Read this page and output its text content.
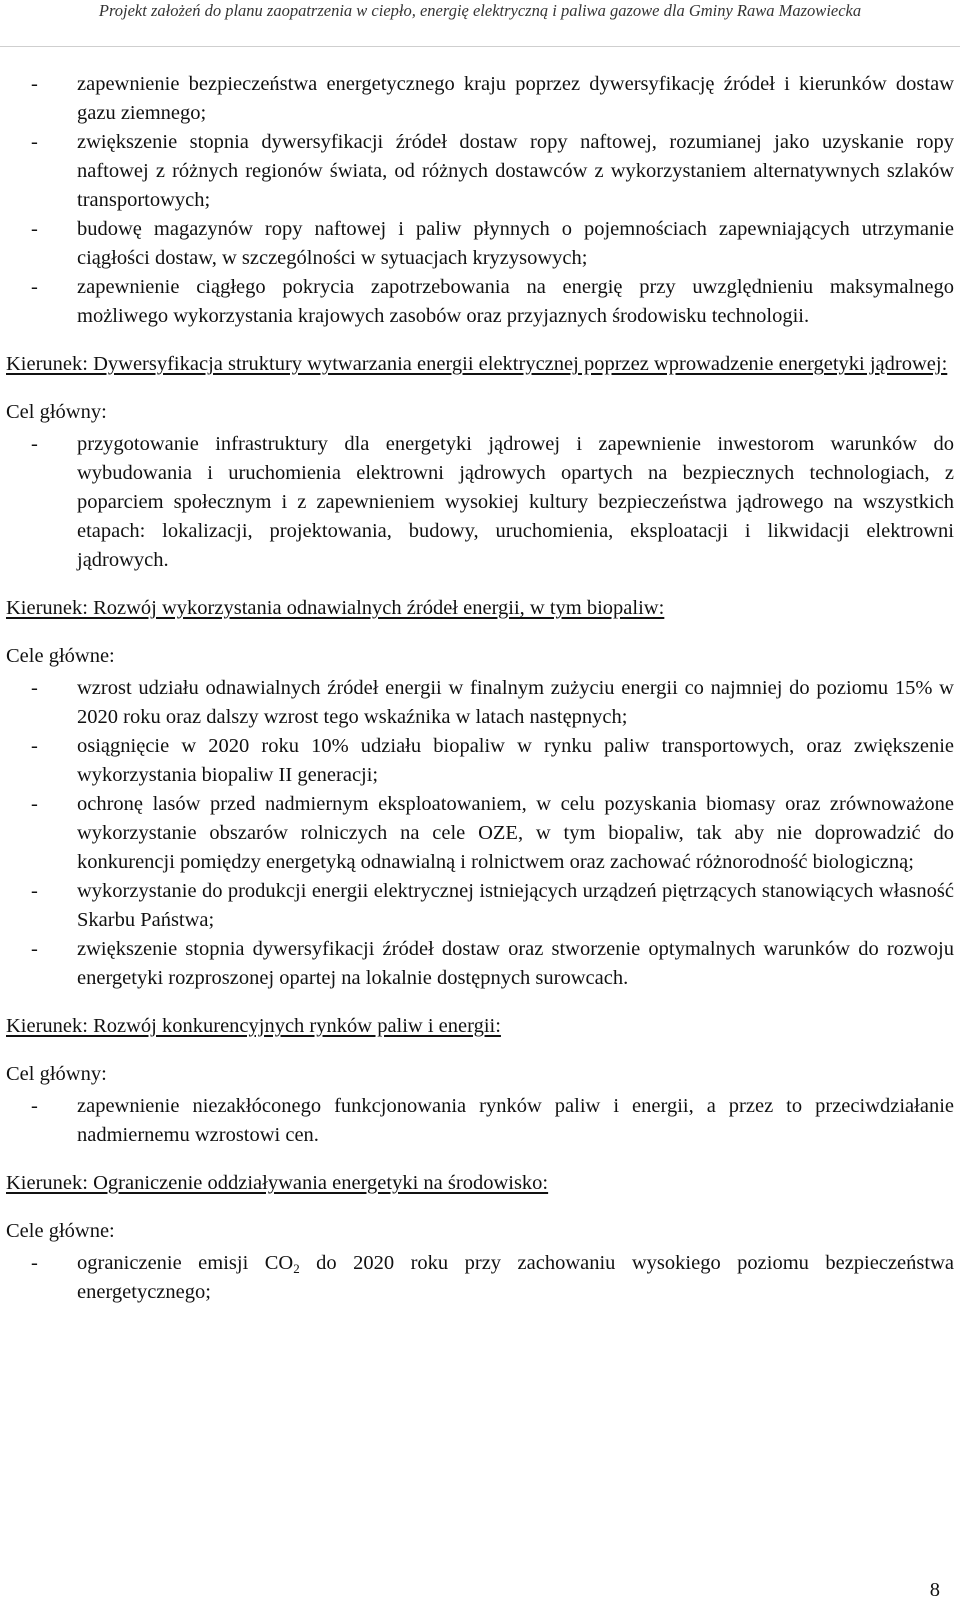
Projekt założeń do planu zaopatrzenia w ciepło, energię elektryczną i paliwa gazowe dla Gminy Rawa Mazowiecka
- zapewnienie bezpieczeństwa energetycznego kraju poprzez dywersyfikację źródeł i kierunków dostaw gazu ziemnego;
- zwiększenie stopnia dywersyfikacji źródeł dostaw ropy naftowej, rozumianej jako uzyskanie ropy naftowej z różnych regionów świata, od różnych dostawców z wykorzystaniem alternatywnych szlaków transportowych;
- budowę magazynów ropy naftowej i paliw płynnych o pojemnościach zapewniających utrzymanie ciągłości dostaw, w szczególności w sytuacjach kryzysowych;
- zapewnienie ciągłego pokrycia zapotrzebowania na energię przy uwzględnieniu maksymalnego możliwego wykorzystania krajowych zasobów oraz przyjaznych środowisku technologii.

Kierunek: Dywersyfikacja struktury wytwarzania energii elektrycznej poprzez wprowadzenie energetyki jądrowej:

Cel główny:

- przygotowanie infrastruktury dla energetyki jądrowej i zapewnienie inwestorom warunków do wybudowania i uruchomienia elektrowni jądrowych opartych na bezpiecznych technologiach, z poparciem społecznym i z zapewnieniem wysokiej kultury bezpieczeństwa jądrowego na wszystkich etapach: lokalizacji, projektowania, budowy, uruchomienia, eksploatacji i likwidacji elektrowni jądrowych.

Kierunek: Rozwój wykorzystania odnawialnych źródeł energii, w tym biopaliw:

Cele główne:

- wzrost udziału odnawialnych źródeł energii w finalnym zużyciu energii co najmniej do poziomu 15% w 2020 roku oraz dalszy wzrost tego wskaźnika w latach następnych;
- osiągnięcie w 2020 roku 10% udziału biopaliw w rynku paliw transportowych, oraz zwiększenie wykorzystania biopaliw II generacji;
- ochronę lasów przed nadmiernym eksploatowaniem, w celu pozyskania biomasy oraz zrównoważone wykorzystanie obszarów rolniczych na cele OZE, w tym biopaliw, tak aby nie doprowadzić do konkurencji pomiędzy energetyką odnawialną i rolnictwem oraz zachować różnorodność biologiczną;
- wykorzystanie do produkcji energii elektrycznej istniejących urządzeń piętrzących stanowiących własność Skarbu Państwa;
- zwiększenie stopnia dywersyfikacji źródeł dostaw oraz stworzenie optymalnych warunków do rozwoju energetyki rozproszonej opartej na lokalnie dostępnych surowcach.

Kierunek: Rozwój konkurencyjnych rynków paliw i energii:

Cel główny:

- zapewnienie niezakłóconego funkcjonowania rynków paliw i energii, a przez to przeciwdziałanie nadmiernemu wzrostowi cen.

Kierunek: Ograniczenie oddziaływania energetyki na środowisko:

Cele główne:

- ograniczenie emisji $CO_2$ do 2020 roku przy zachowaniu wysokiego poziomu bezpieczeństwa energetycznego;
8
